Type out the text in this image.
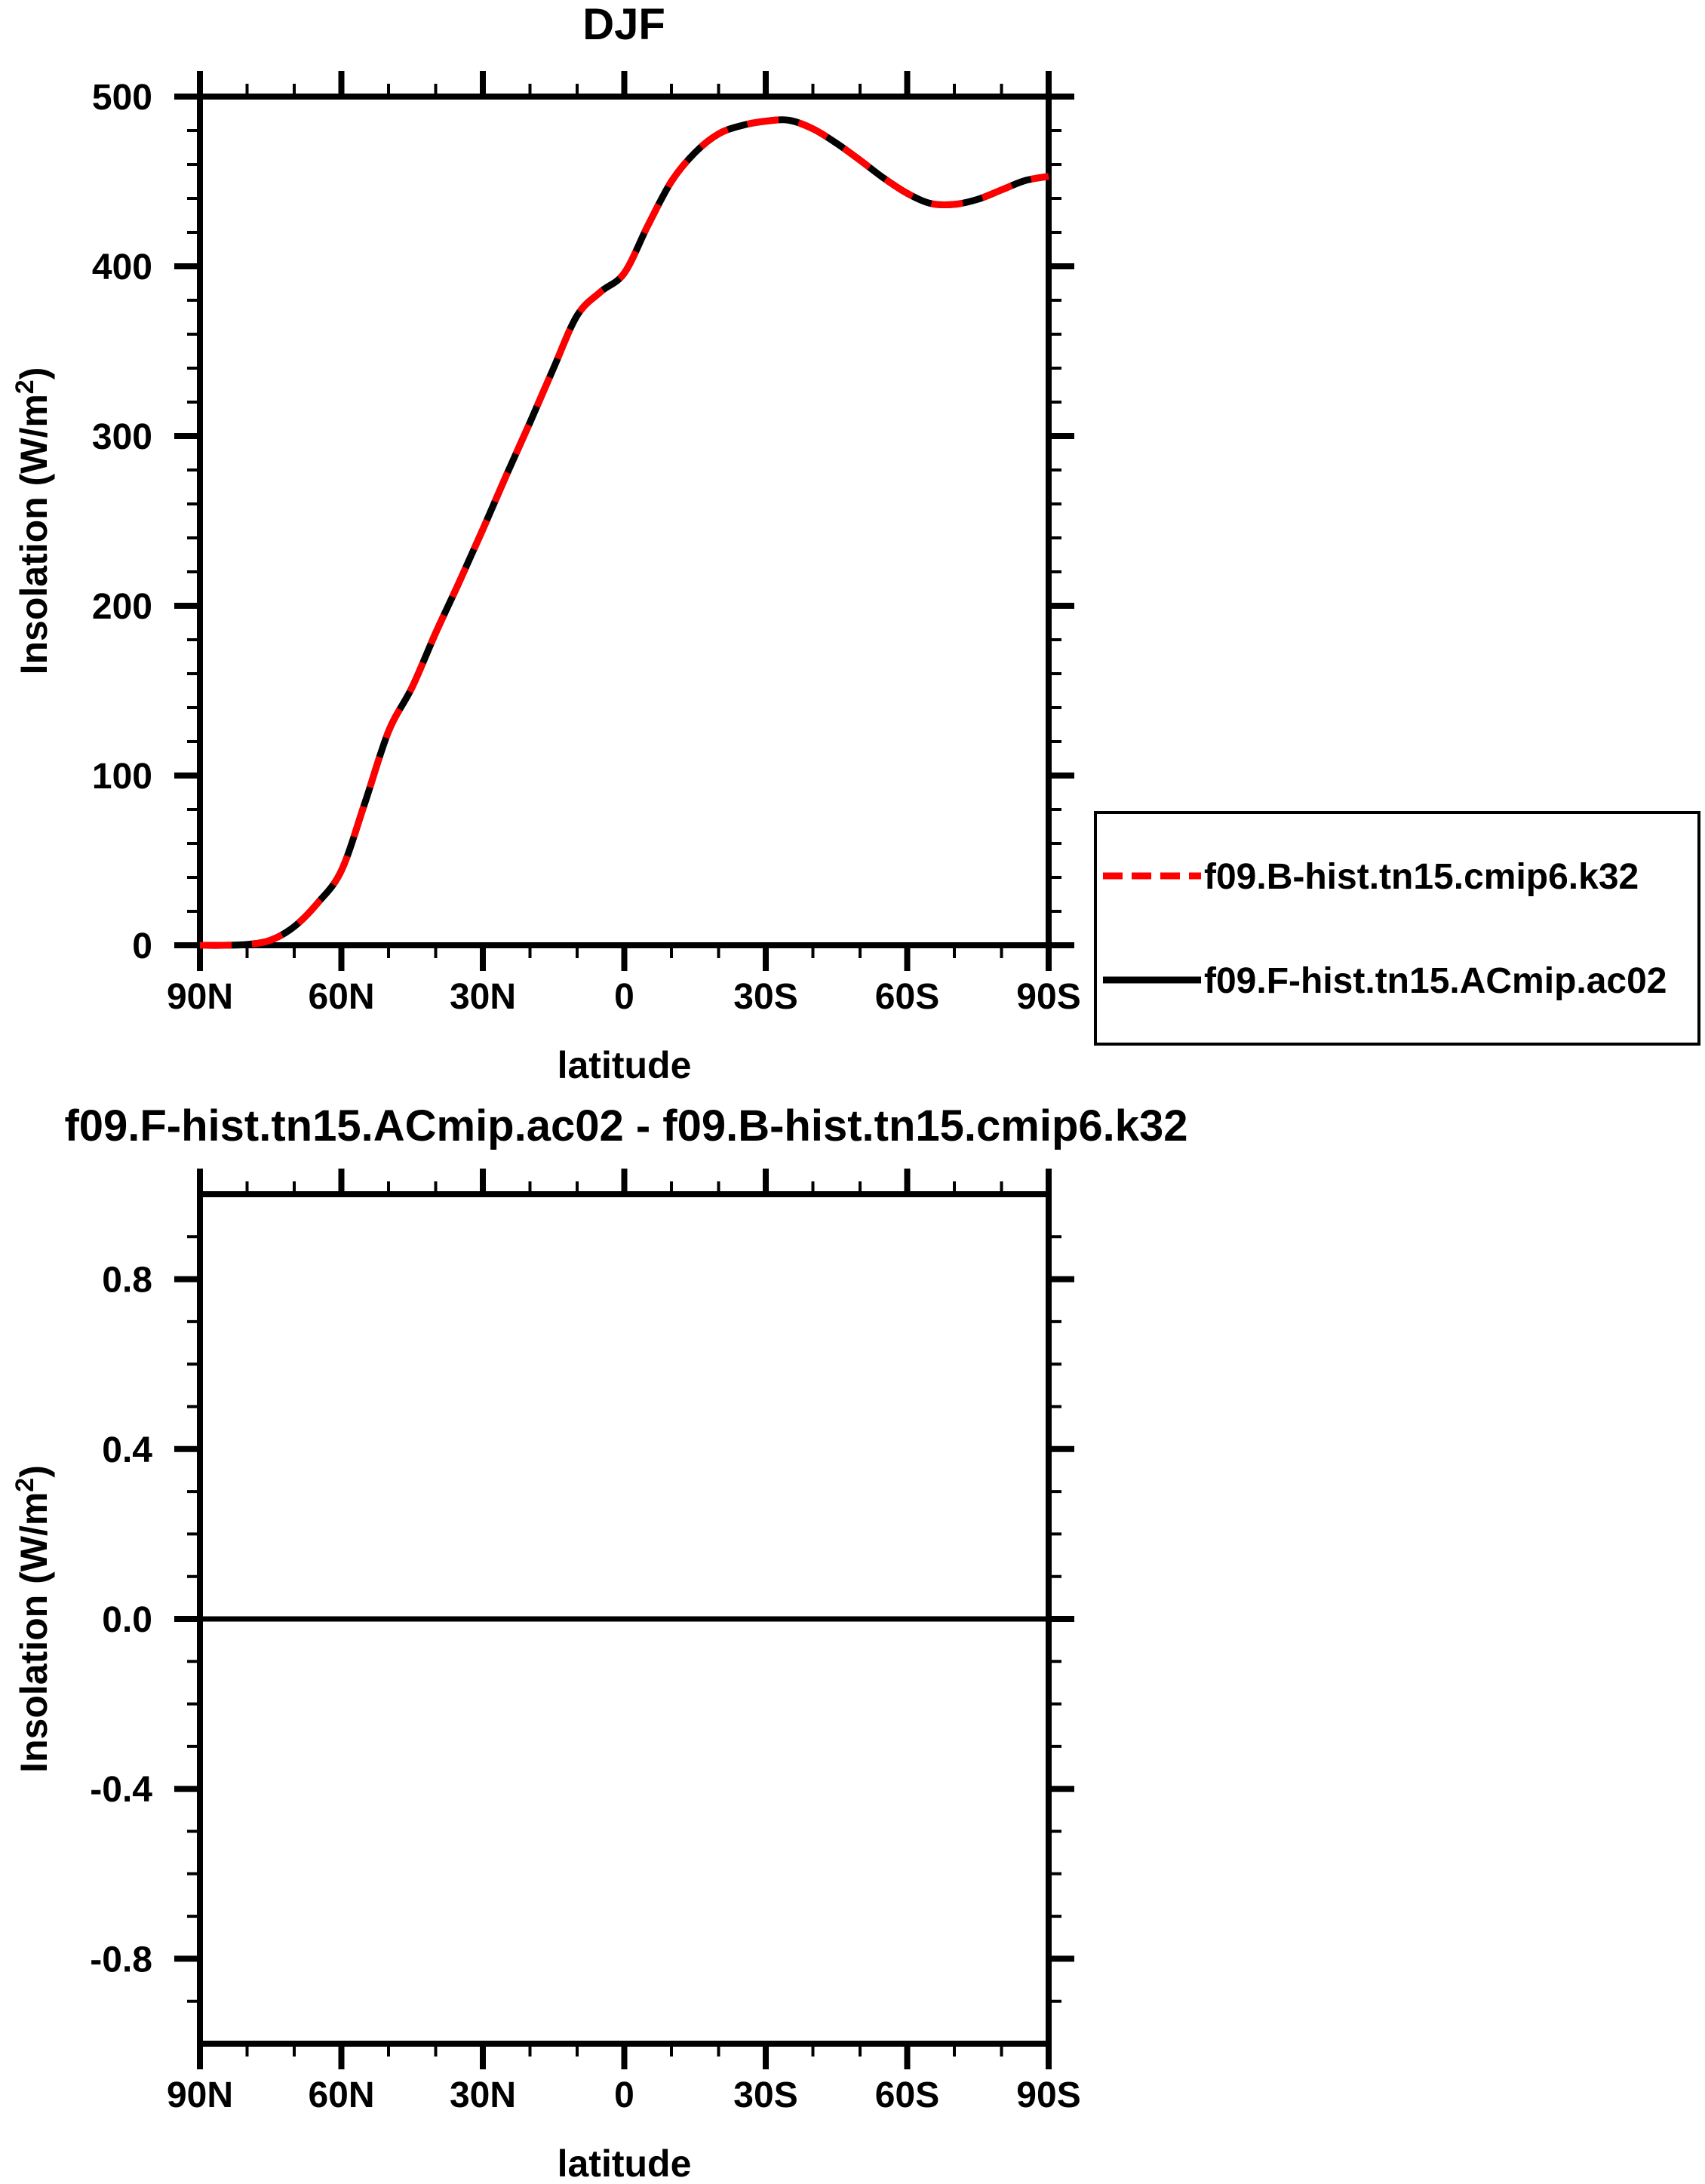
90N 60N 30N	0	30S 60S 90S
0
100
200
300
400
500
DJF
latitude
Insolation $(W/m^2)$
90N 60N 30N	0	30S 60S 90S
-0.8
-0.4
0.0
0.4
0.8
f09.F-hist.tn15.ACmip.ac02 - f09.B-hist.tn15.cmip6.k32
latitude
Insolation $(W/m^2)$
f09.B-hist.tn15.cmip6.k32
f09.F-hist.tn15.ACmip.ac02
